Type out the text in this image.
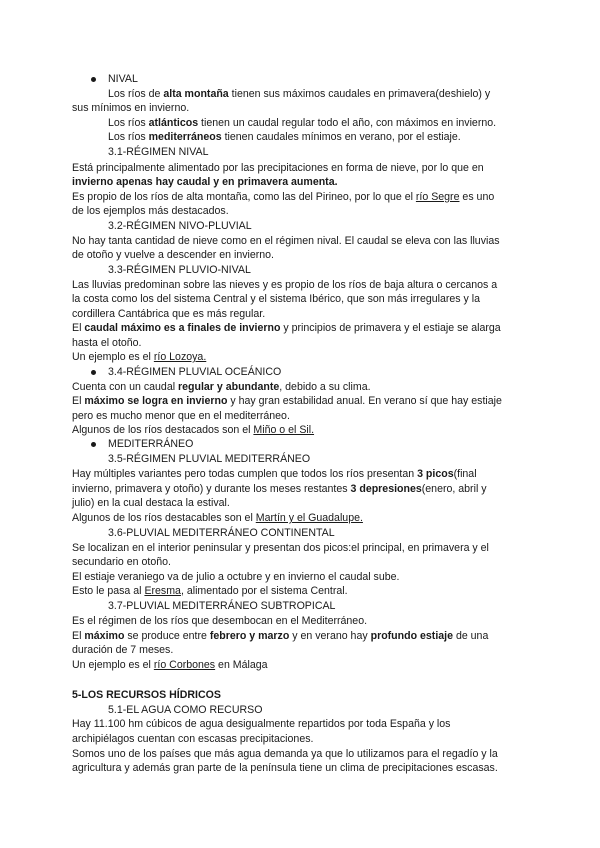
NIVAL
Los ríos de alta montaña tienen sus máximos caudales en primavera(deshielo) y
sus mínimos en invierno.
Los ríos atlánticos tienen un caudal regular todo el año, con máximos en invierno.
Los ríos mediterráneos tienen caudales mínimos en verano, por el estiaje.
3.1-RÉGIMEN NIVAL
Está principalmente alimentado por las precipitaciones en forma de nieve, por lo que en
invierno apenas hay caudal y en primavera aumenta.
Es propio de los ríos de alta montaña, como las del Pirineo, por lo que el río Segre es uno
de los ejemplos más destacados.
3.2-RÉGIMEN NIVO-PLUVIAL
No hay tanta cantidad de nieve como en el régimen nival. El caudal se eleva con las lluvias
de otoño y vuelve a descender en invierno.
3.3-RÉGIMEN PLUVIO-NIVAL
Las lluvias predominan sobre las nieves y es propio de los ríos de baja altura o cercanos a
la costa como los del sistema Central y el sistema Ibérico, que son más irregulares y la
cordillera Cantábrica que es más regular.
El caudal máximo es a finales de invierno y principios de primavera y el estiaje se alarga
hasta el otoño.
Un ejemplo es el río Lozoya.
3.4-RÉGIMEN PLUVIAL OCEÁNICO
Cuenta con un caudal regular y abundante, debido a su clima.
El máximo se logra en invierno y hay gran estabilidad anual. En verano sí que hay estiaje
pero es mucho menor que en el mediterráneo.
Algunos de los ríos destacados son el Miño o el Sil.
MEDITERRÁNEO
3.5-RÉGIMEN PLUVIAL MEDITERRÁNEO
Hay múltiples variantes pero todas cumplen que todos los ríos presentan 3 picos(final
invierno, primavera y otoño) y durante los meses restantes 3 depresiones(enero, abril y
julio) en la cual destaca la estival.
Algunos de los ríos destacables son el Martín y el Guadalupe.
3.6-PLUVIAL MEDITERRÁNEO CONTINENTAL
Se localizan en el interior peninsular y presentan dos picos:el principal, en primavera y el
secundario en otoño.
El estiaje veraniego va de julio a octubre y en invierno el caudal sube.
Esto le pasa al Eresma, alimentado por el sistema Central.
3.7-PLUVIAL MEDITERRÁNEO SUBTROPICAL
Es el régimen de los ríos que desembocan en el Mediterráneo.
El máximo se produce entre febrero y marzo y en verano hay profundo estiaje de una
duración de 7 meses.
Un ejemplo es el río Corbones en Málaga
5-LOS RECURSOS HÍDRICOS
5.1-EL AGUA COMO RECURSO
Hay 11.100 hm cúbicos de agua desigualmente repartidos por toda España y los
archipiélagos cuentan con escasas precipitaciones.
Somos uno de los países que más agua demanda ya que lo utilizamos para el regadío y la
agricultura y además gran parte de la península tiene un clima de precipitaciones escasas.
